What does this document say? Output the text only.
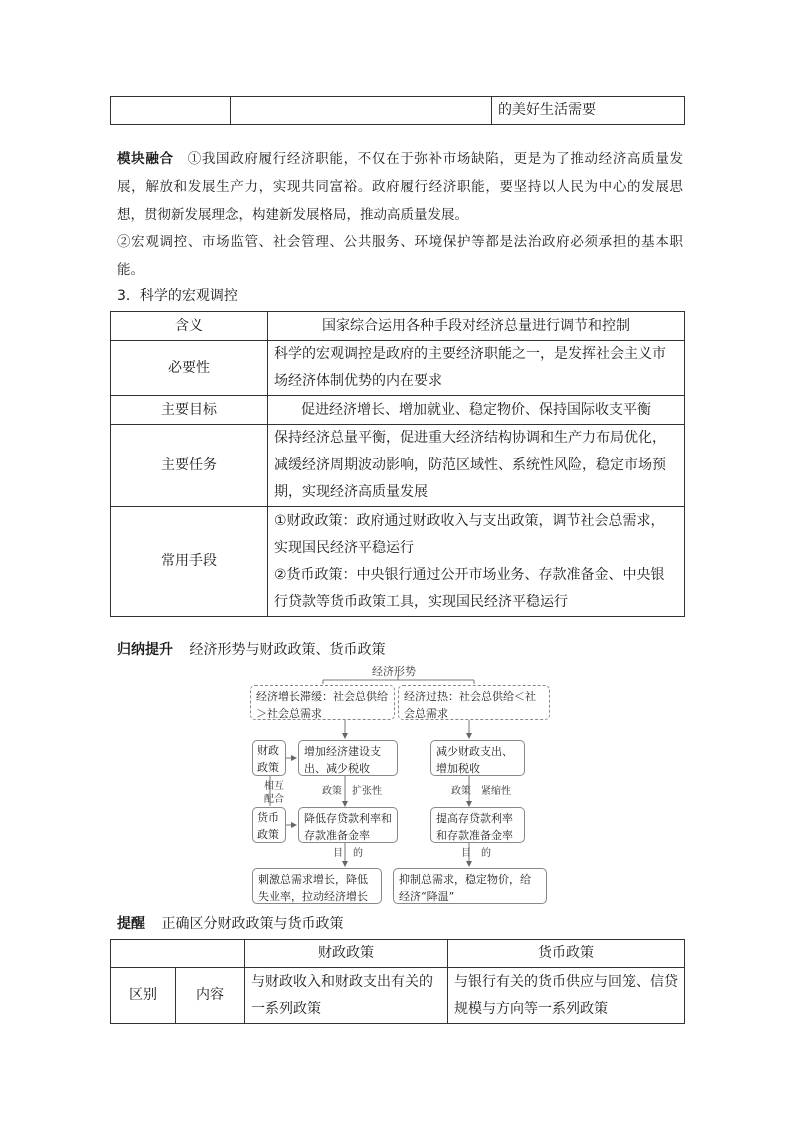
		的美好生活需要
模块融合 ①我国政府履行经济职能，不仅在于弥补市场缺陷，更是为了推动经济高质量发展，解放和发展生产力，实现共同富裕。政府履行经济职能，要坚持以人民为中心的发展思想，贯彻新发展理念，构建新发展格局，推动高质量发展。
②宏观调控、市场监管、社会管理、公共服务、环境保护等都是法治政府必须承担的基本职能。
3．科学的宏观调控
含义	国家综合运用各种手段对经济总量进行调节和控制
必要性	科学的宏观调控是政府的主要经济职能之一，是发挥社会主义市场经济体制优势的内在要求
主要目标	促进经济增长、增加就业、稳定物价、保持国际收支平衡
主要任务	保持经济总量平衡，促进重大经济结构协调和生产力布局优化，减缓经济周期波动影响，防范区域性、系统性风险，稳定市场预期，实现经济高质量发展
常用手段	①财政政策：政府通过财政收入与支出政策，调节社会总需求，实现国民经济平稳运行
②货币政策：中央银行通过公开市场业务、存款准备金、中央银行贷款等货币政策工具，实现国民经济平稳运行
归纳提升 经济形势与财政政策、货币政策
经济形势
经济增长滞缓：社会总供给＞社会总需求
经济过热：社会总供给＜社会总需求
财政政策
增加经济建设支出、减少税收
减少财政支出、增加税收
相互配合
政策　扩张性	政策　紧缩性
货币政策
降低存贷款利率和存款准备金率
提高存贷款利率和存款准备金率
目　的	目　的
刺激总需求增长，降低失业率，拉动经济增长
抑制总需求，稳定物价，给经济“降温”
提醒 正确区分财政政策与货币政策
		财政政策	货币政策
区别	内容	与财政收入和财政支出有关的一系列政策	与银行有关的货币供应与回笼、信贷规模与方向等一系列政策
